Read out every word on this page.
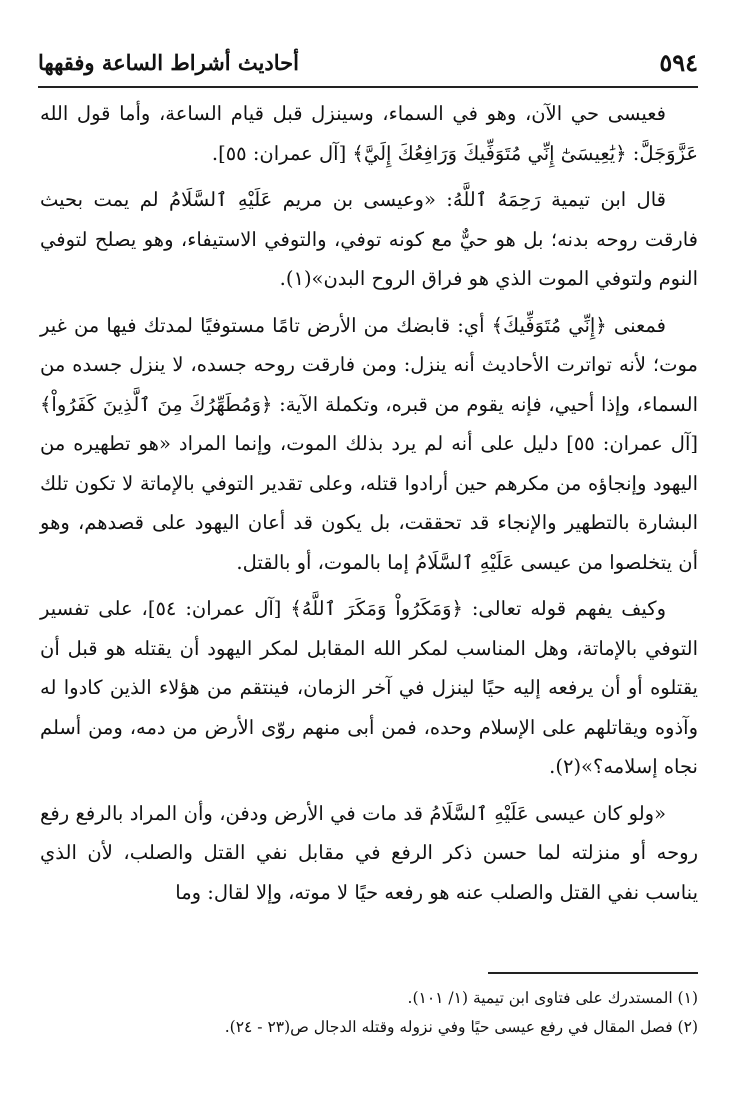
٥٩٤
أحاديث أشراط الساعة وفقهها

فعيسى حي الآن، وهو في السماء، وسينزل قبل قيام الساعة، وأما قول الله عَزَّوَجَلَّ: ﴿يَٰعِيسَىٰٓ إِنِّي مُتَوَفِّيكَ وَرَافِعُكَ إِلَيَّ﴾ [آل عمران: ٥٥].

قال ابن تيمية رَحِمَهُ ٱللَّهُ: «وعيسى بن مريم عَلَيْهِ ٱلسَّلَامُ لم يمت بحيث فارقت روحه بدنه؛ بل هو حيٌّ مع كونه توفي، والتوفي الاستيفاء، وهو يصلح لتوفي النوم ولتوفي الموت الذي هو فراق الروح البدن»(١).

فمعنى ﴿إِنِّي مُتَوَفِّيكَ﴾ أي: قابضك من الأرض تامًا مستوفيًا لمدتك فيها من غير موت؛ لأنه تواترت الأحاديث أنه ينزل: ومن فارقت روحه جسده، لا ينزل جسده من السماء، وإذا أحيي، فإنه يقوم من قبره، وتكملة الآية: ﴿وَمُطَهِّرُكَ مِنَ ٱلَّذِينَ كَفَرُواْ﴾ [آل عمران: ٥٥] دليل على أنه لم يرد بذلك الموت، وإنما المراد «هو تطهيره من اليهود وإنجاؤه من مكرهم حين أرادوا قتله، وعلى تقدير التوفي بالإماتة لا تكون تلك البشارة بالتطهير والإنجاء قد تحققت، بل يكون قد أعان اليهود على قصدهم، وهو أن يتخلصوا من عيسى عَلَيْهِ ٱلسَّلَامُ إما بالموت، أو بالقتل.

وكيف يفهم قوله تعالى: ﴿وَمَكَرُواْ وَمَكَرَ ٱللَّهُ﴾ [آل عمران: ٥٤]، على تفسير التوفي بالإماتة، وهل المناسب لمكر الله المقابل لمكر اليهود أن يقتله هو قبل أن يقتلوه أو أن يرفعه إليه حيًا لينزل في آخر الزمان، فينتقم من هؤلاء الذين كادوا له وآذوه ويقاتلهم على الإسلام وحده، فمن أبى منهم روّى الأرض من دمه، ومن أسلم نجاه إسلامه؟»(٢).

«ولو كان عيسى عَلَيْهِ ٱلسَّلَامُ قد مات في الأرض ودفن، وأن المراد بالرفع رفع روحه أو منزلته لما حسن ذكر الرفع في مقابل نفي القتل والصلب، لأن الذي يناسب نفي القتل والصلب عنه هو رفعه حيًا لا موته، وإلا لقال: وما

(١) المستدرك على فتاوى ابن تيمية (١/ ١٠١).
(٢) فصل المقال في رفع عيسى حيًا وفي نزوله وقتله الدجال ص(٢٣ - ٢٤).
